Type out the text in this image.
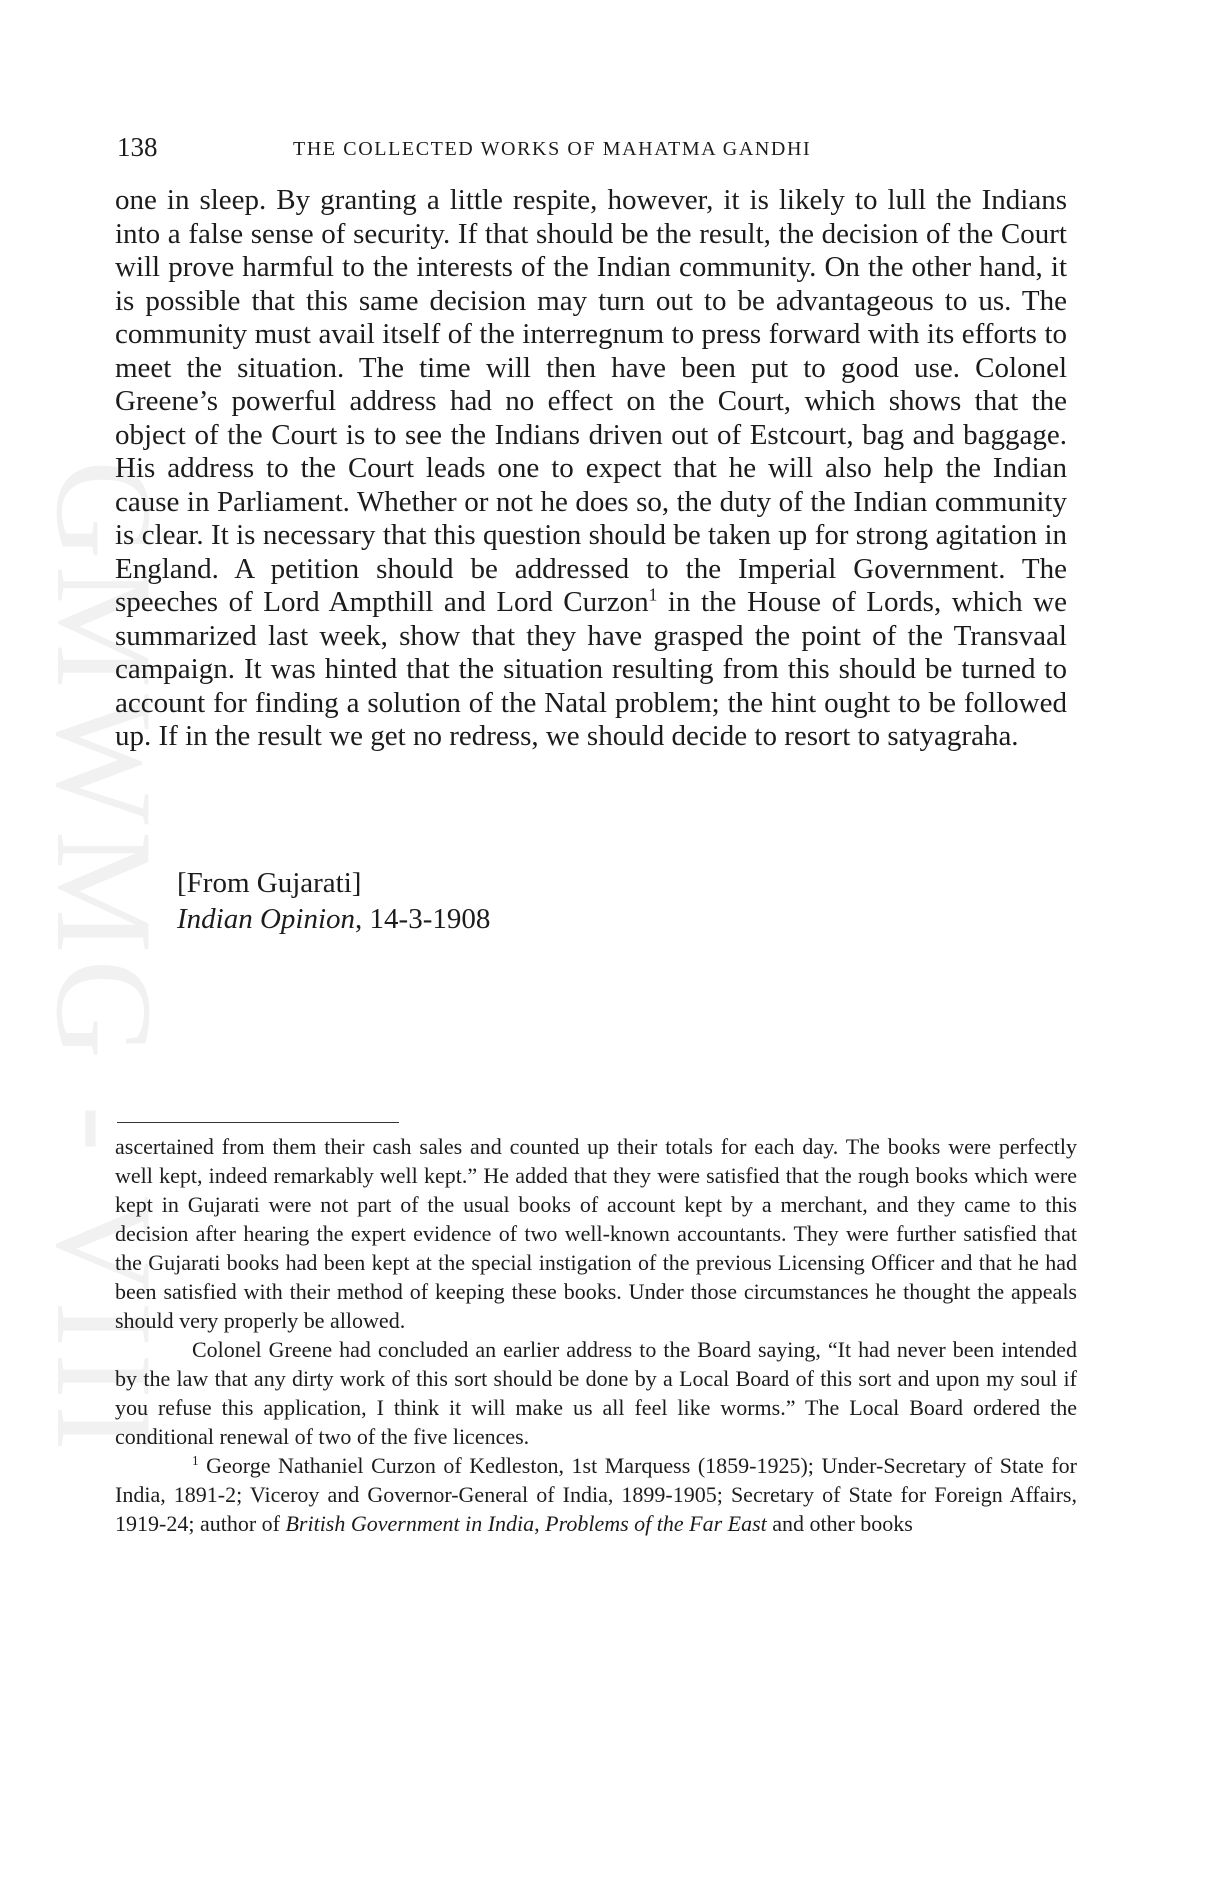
GMWMG - VIII
138	THE COLLECTED WORKS OF MAHATMA GANDHI

one in sleep. By granting a little respite, however, it is likely to lull the Indians into a false sense of security. If that should be the result, the decision of the Court will prove harmful to the interests of the Indian community. On the other hand, it is possible that this same decision may turn out to be advantageous to us. The community must avail itself of the interregnum to press forward with its efforts to meet the situation. The time will then have been put to good use. Colonel Greene’s powerful address had no effect on the Court, which shows that the object of the Court is to see the Indians driven out of Estcourt, bag and baggage. His address to the Court leads one to expect that he will also help the Indian cause in Parliament. Whether or not he does so, the duty of the Indian community is clear. It is necessary that this question should be taken up for strong agitation in England. A petition should be addressed to the Imperial Government. The speeches of Lord Ampthill and Lord Curzon$^1$ in the House of Lords, which we summarized last week, show that they have grasped the point of the Transvaal campaign. It was hinted that the situation resulting from this should be turned to account for finding a solution of the Natal problem; the hint ought to be followed up. If in the result we get no redress, we should decide to resort to satyagraha.

[From Gujarati]
Indian Opinion, 14-3-1908

ascertained from them their cash sales and counted up their totals for each day. The books were perfectly well kept, indeed remarkably well kept.” He added that they were satisfied that the rough books which were kept in Gujarati were not part of the usual books of account kept by a merchant, and they came to this decision after hearing the expert evidence of two well-known accountants. They were further satisfied that the Gujarati books had been kept at the special instigation of the previous Licensing Officer and that he had been satisfied with their method of keeping these books. Under those circumstances he thought the appeals should very properly be allowed.

Colonel Greene had concluded an earlier address to the Board saying, “It had never been intended by the law that any dirty work of this sort should be done by a Local Board of this sort and upon my soul if you refuse this application, I think it will make us all feel like worms.” The Local Board ordered the conditional renewal of two of the five licences.

$^1$ George Nathaniel Curzon of Kedleston, 1st Marquess (1859-1925); Under-Secretary of State for India, 1891-2; Viceroy and Governor-General of India, 1899-1905; Secretary of State for Foreign Affairs, 1919-24; author of British Government in India, Problems of the Far East and other books
